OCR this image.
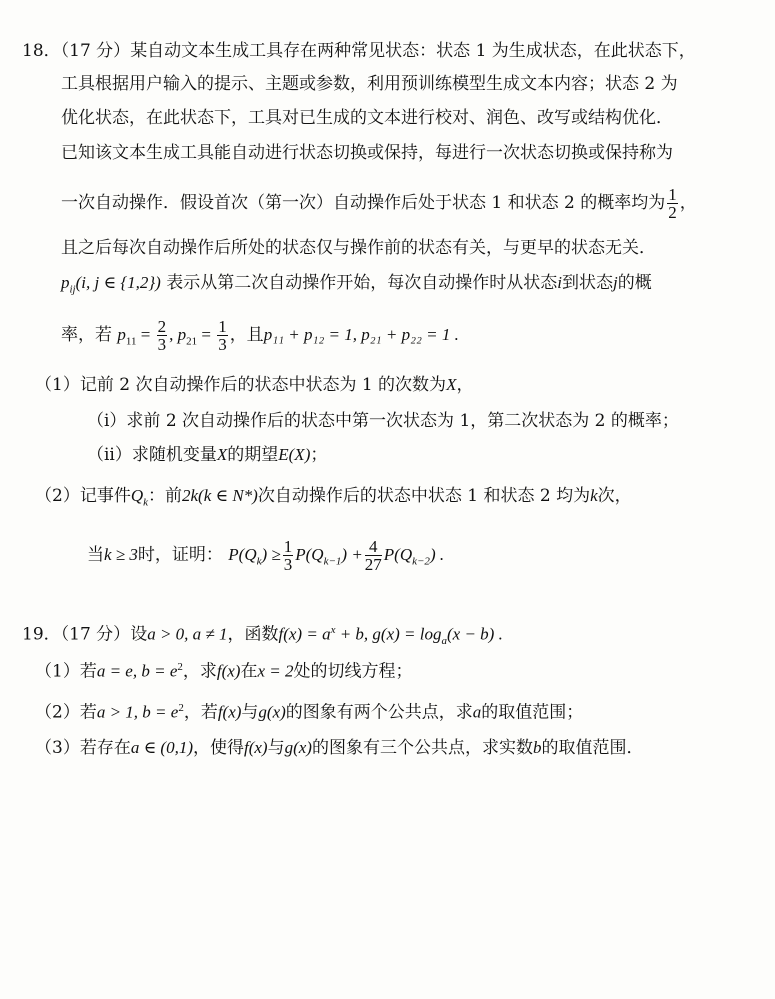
18．（17 分）某自动文本生成工具存在两种常见状态：状态 1 为生成状态，在此状态下，
工具根据用户输入的提示、主题或参数，利用预训练模型生成文本内容；状态 2 为
优化状态，在此状态下，工具对已生成的文本进行校对、润色、改写或结构优化．
已知该文本生成工具能自动进行状态切换或保持，每进行一次状态切换或保持称为
一次自动操作．假设首次（第一次）自动操作后处于状态 1 和状态 2 的概率均为 $\frac{1}{2}$ ，
且之后每次自动操作后所处的状态仅与操作前的状态有关，与更早的状态无关．
$p_{ij}(i$, j ∈ {1,2}) 表示从第二次自动操作开始，每次自动操作时从状态i到状态j的概
率，若 $p_{11} = \frac{2}{3}$ , $p_{21} = \frac{1}{3}$ ，且p₁₁ + p₁₂ = 1, p₂₁ + p₂₂ = 1 .
（1）记前 2 次自动操作后的状态中状态为 1 的次数为X，
（i）求前 2 次自动操作后的状态中第一次状态为 1，第二次状态为 2 的概率；
（ii）求随机变量X的期望E(X)；
（2）记事件$Q_k$：前2k(k ∈ N*)次自动操作后的状态中状态 1 和状态 2 均为k次，
当k ≥ 3时，证明： $P(Q_k) \ge \frac{1}{3} P(Q_{k-1}) + \frac{4}{27} P(Q_{k-2})$ .
19．（17 分）设a > 0, a ≠ 1，函数$f(x) = a^x + b$, $g(x) = \log_a(x - b)$ .
（1）若a = e, $b = e^2$，求f(x)在x = 2处的切线方程；
（2）若a > 1, $b = e^2$，若f(x)与g(x)的图象有两个公共点，求a的取值范围；
（3）若存在a ∈ (0,1)，使得f(x)与g(x)的图象有三个公共点，求实数b的取值范围．
